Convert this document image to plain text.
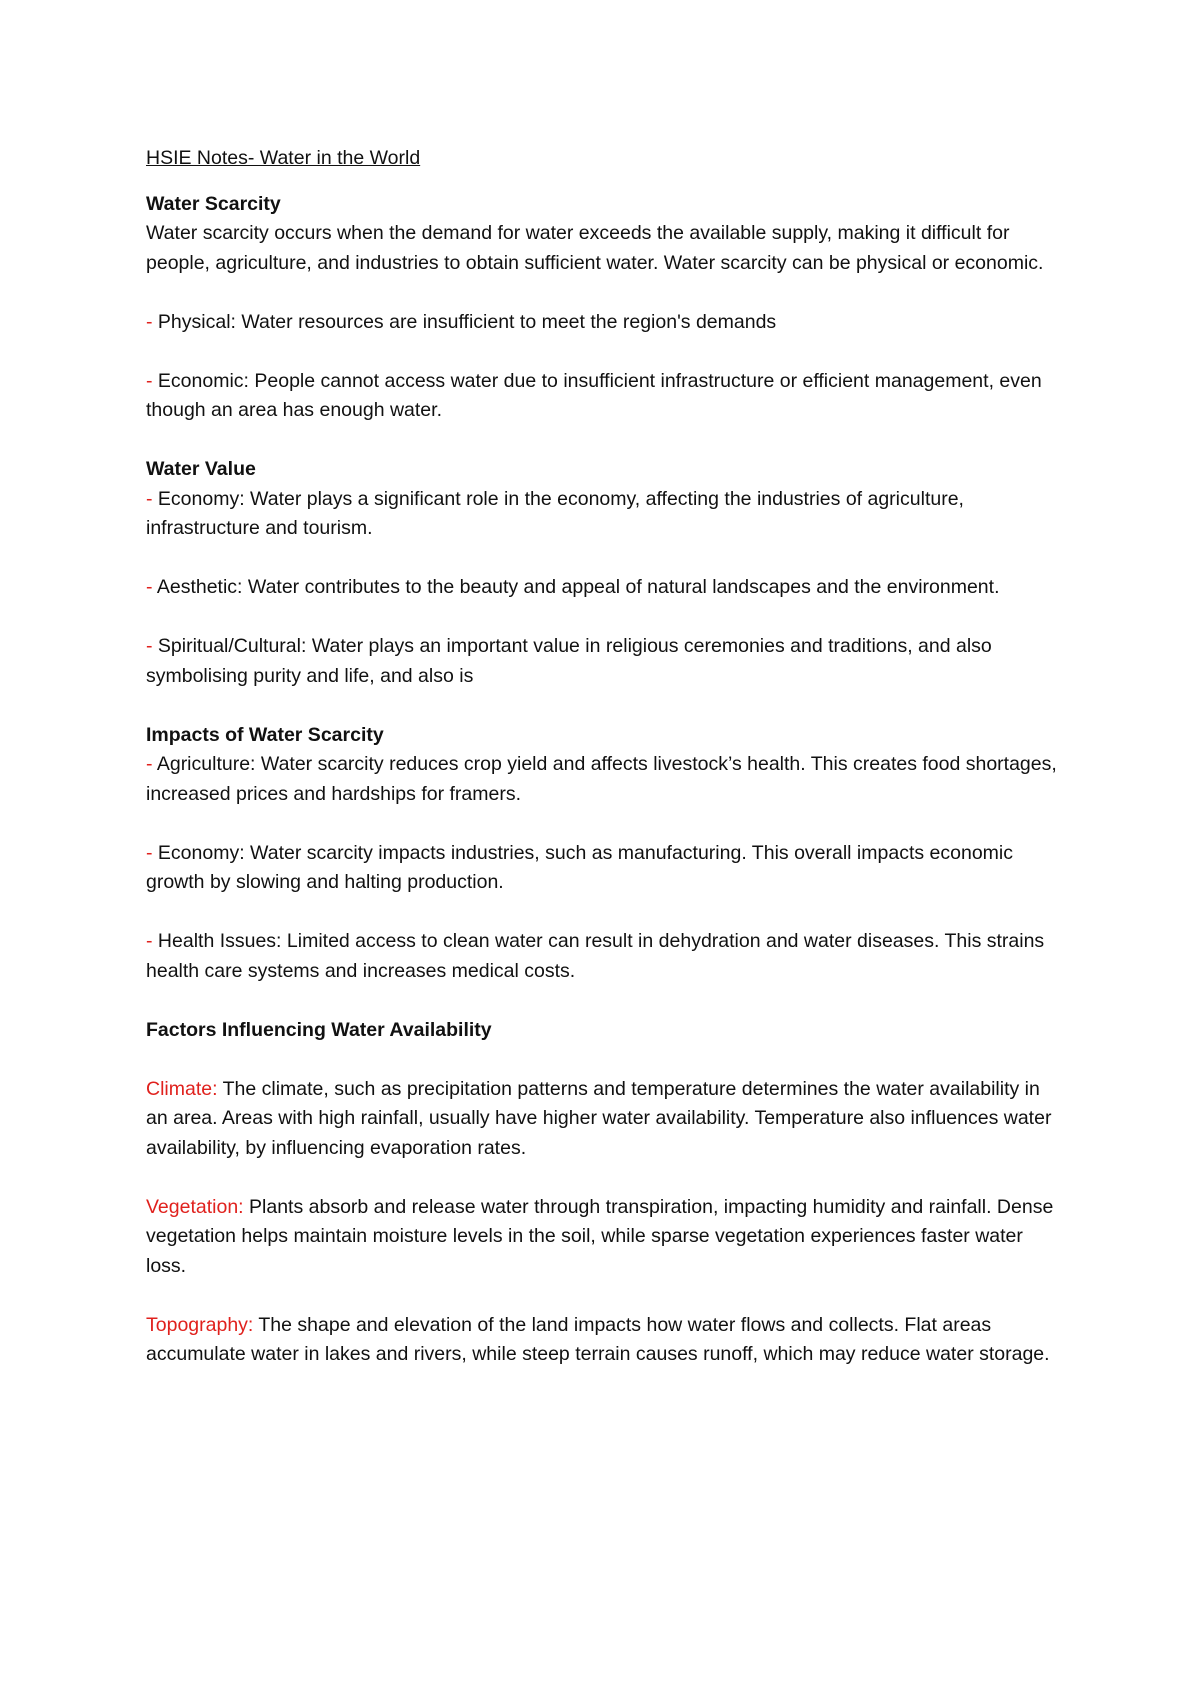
HSIE Notes- Water in the World

Water Scarcity

Water scarcity occurs when the demand for water exceeds the available supply, making it difficult for people, agriculture, and industries to obtain sufficient water. Water scarcity can be physical or economic.

- Physical: Water resources are insufficient to meet the region's demands

- Economic: People cannot access water due to insufficient infrastructure or efficient management, even though an area has enough water.

Water Value

- Economy: Water plays a significant role in the economy, affecting the industries of agriculture, infrastructure and tourism.

- Aesthetic: Water contributes to the beauty and appeal of natural landscapes and the environment.

- Spiritual/Cultural: Water plays an important value in religious ceremonies and traditions, and also symbolising purity and life, and also is

Impacts of Water Scarcity

- Agriculture: Water scarcity reduces crop yield and affects livestock’s health. This creates food shortages, increased prices and hardships for framers.

- Economy: Water scarcity impacts industries, such as manufacturing. This overall impacts economic growth by slowing and halting production.

- Health Issues: Limited access to clean water can result in dehydration and water diseases. This strains health care systems and increases medical costs.

Factors Influencing Water Availability

Climate: The climate, such as precipitation patterns and temperature determines the water availability in an area. Areas with high rainfall, usually have higher water availability. Temperature also influences water availability, by influencing evaporation rates.

Vegetation: Plants absorb and release water through transpiration, impacting humidity and rainfall. Dense vegetation helps maintain moisture levels in the soil, while sparse vegetation experiences faster water loss.

Topography: The shape and elevation of the land impacts how water flows and collects. Flat areas accumulate water in lakes and rivers, while steep terrain causes runoff, which may reduce water storage.
